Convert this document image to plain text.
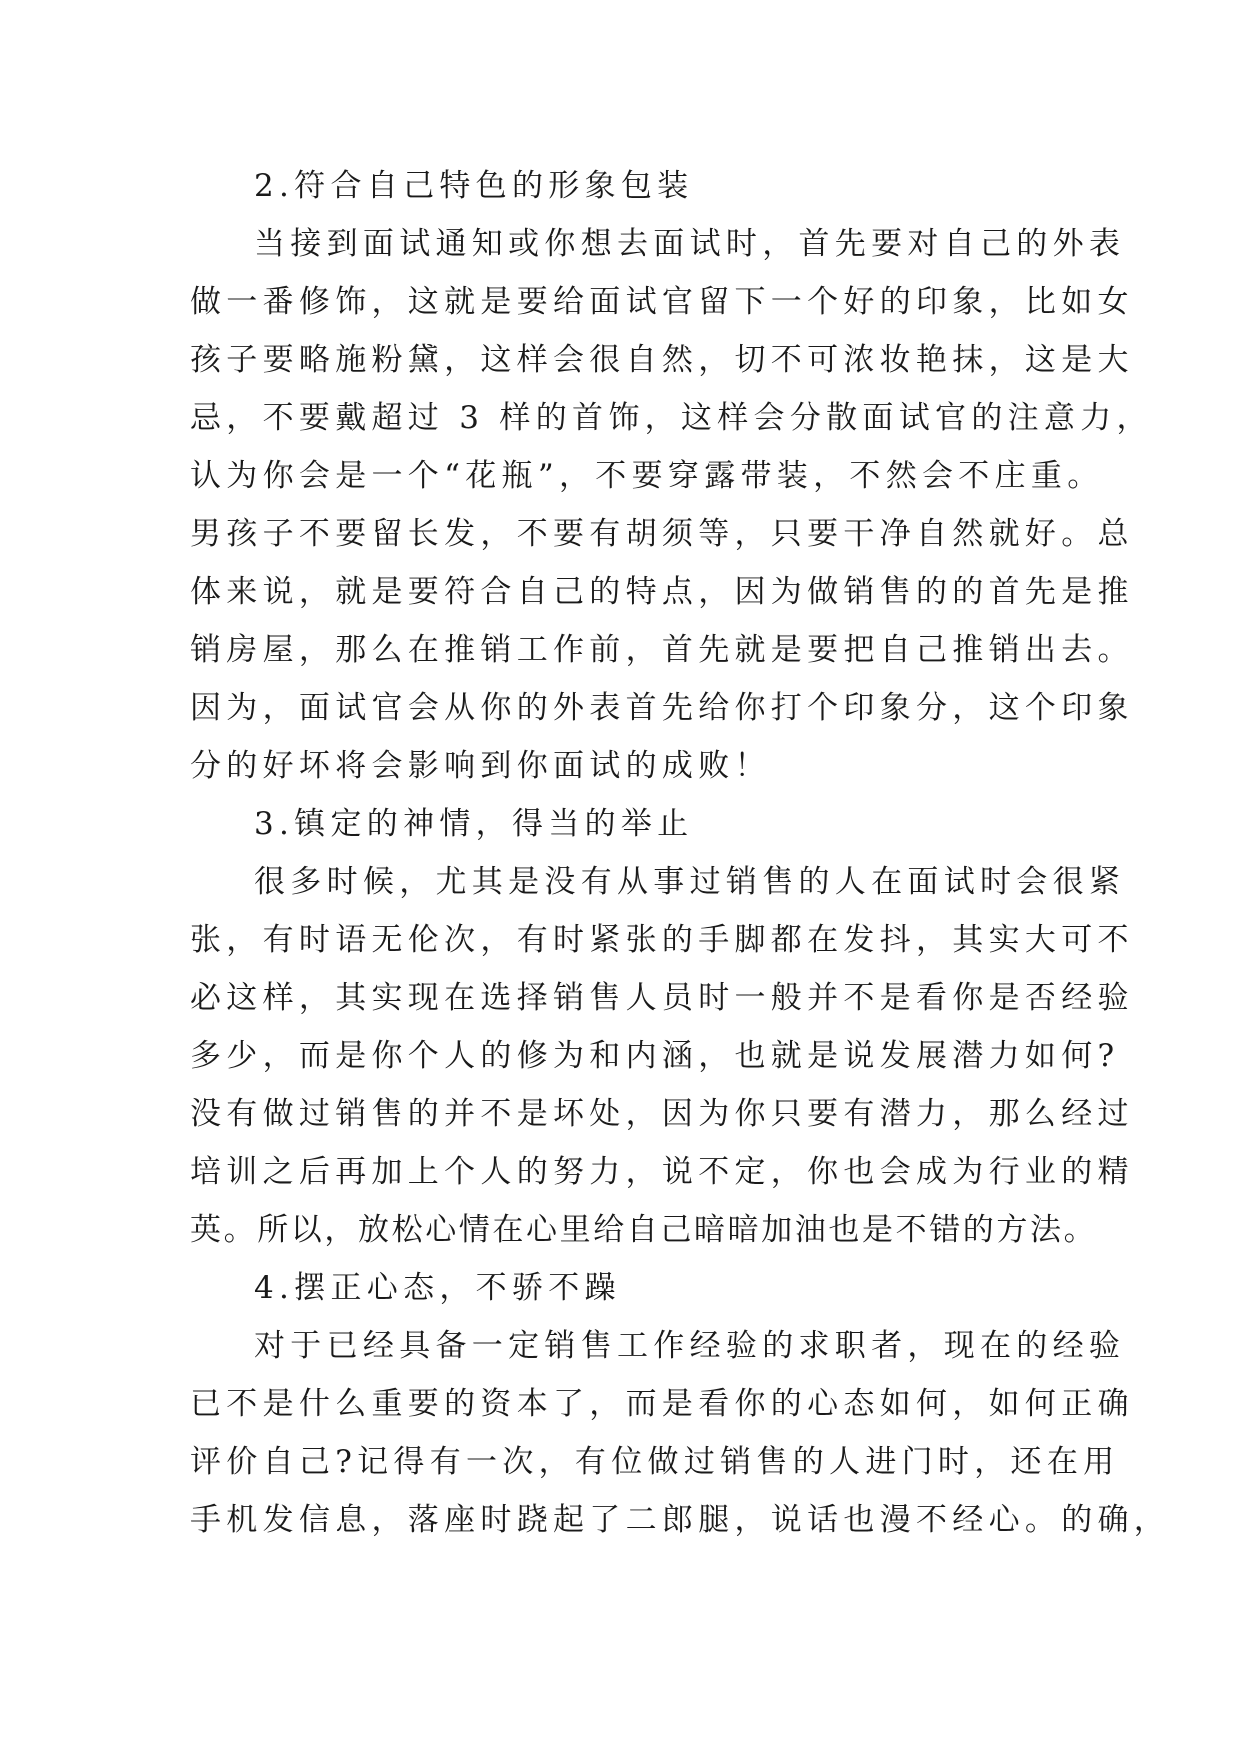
2.符合自己特色的形象包装
当接到面试通知或你想去面试时，首先要对自己的外表
做一番修饰，这就是要给面试官留下一个好的印象，比如女
孩子要略施粉黛，这样会很自然，切不可浓妆艳抹，这是大
忌，不要戴超过 3 样的首饰，这样会分散面试官的注意力，
认为你会是一个“花瓶”，不要穿露带装，不然会不庄重。
男孩子不要留长发，不要有胡须等，只要干净自然就好。总
体来说，就是要符合自己的特点，因为做销售的的首先是推
销房屋，那么在推销工作前，首先就是要把自己推销出去。
因为，面试官会从你的外表首先给你打个印象分，这个印象
分的好坏将会影响到你面试的成败！
3.镇定的神情，得当的举止
很多时候，尤其是没有从事过销售的人在面试时会很紧
张，有时语无伦次，有时紧张的手脚都在发抖，其实大可不
必这样，其实现在选择销售人员时一般并不是看你是否经验
多少，而是你个人的修为和内涵，也就是说发展潜力如何?
没有做过销售的并不是坏处，因为你只要有潜力，那么经过
培训之后再加上个人的努力，说不定，你也会成为行业的精
英。所以，放松心情在心里给自己暗暗加油也是不错的方法。
4.摆正心态，不骄不躁
对于已经具备一定销售工作经验的求职者，现在的经验
已不是什么重要的资本了，而是看你的心态如何，如何正确
评价自己?记得有一次，有位做过销售的人进门时，还在用
手机发信息，落座时跷起了二郎腿，说话也漫不经心。的确，
